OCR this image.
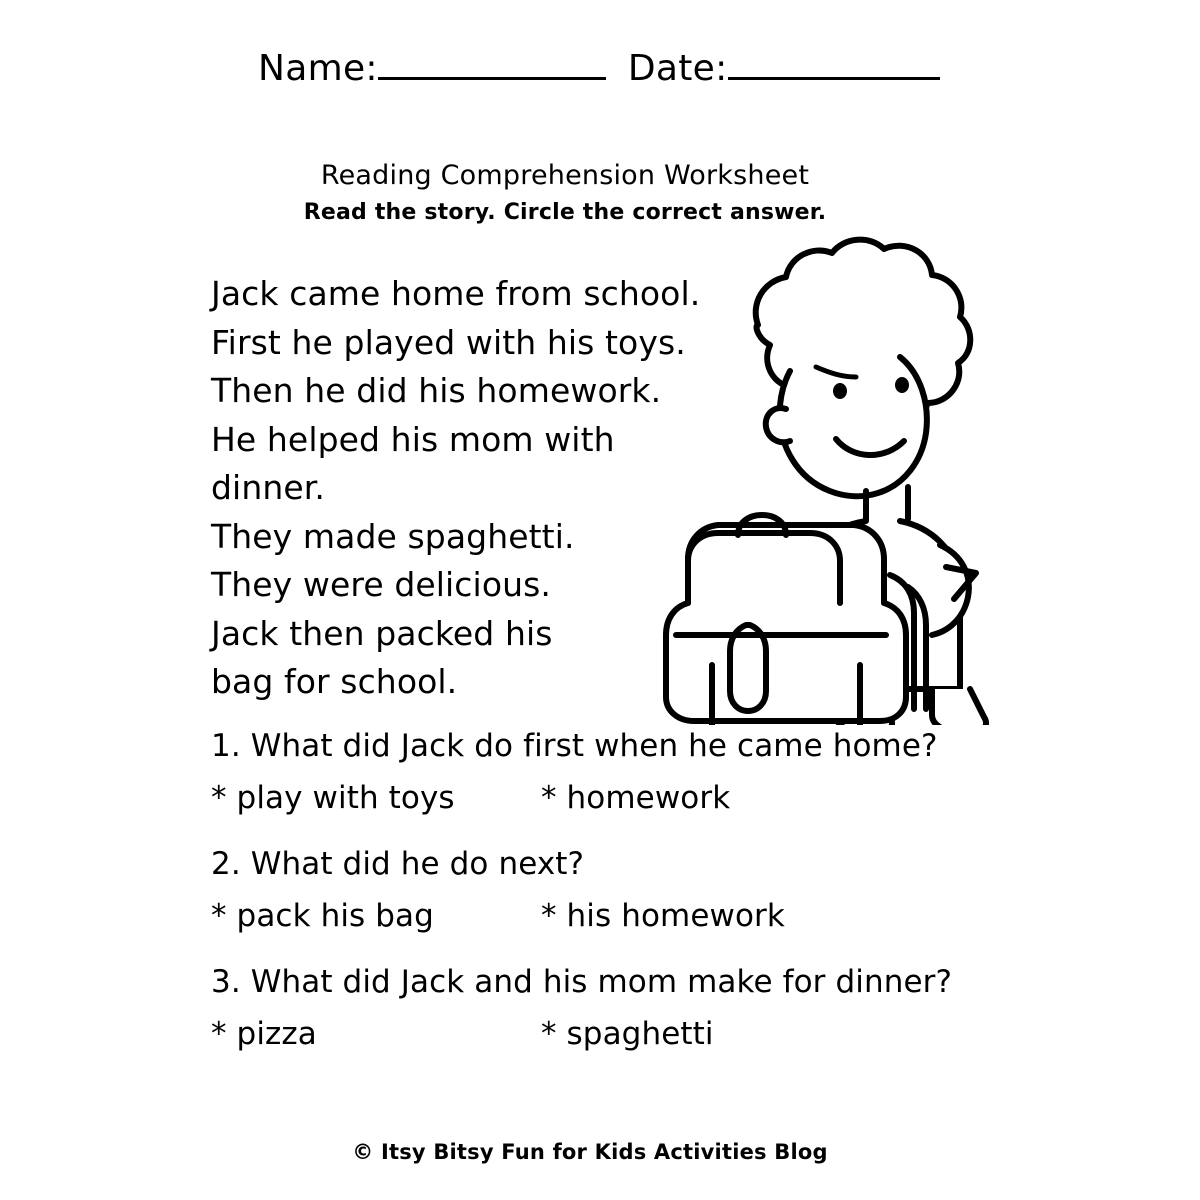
Name:	Date:
Reading Comprehension Worksheet
Read the story. Circle the correct answer.
Jack came home from school.
First he played with his toys.
Then he did his homework.
He helped his mom with
dinner.
They made spaghetti.
They were delicious.
Jack then packed his
bag for school.
1. What did Jack do first when he came home?
* play with toys	* homework
2. What did he do next?
* pack his bag	* his homework
3. What did Jack and his mom make for dinner?
* pizza	* spaghetti
© Itsy Bitsy Fun for Kids Activities Blog
